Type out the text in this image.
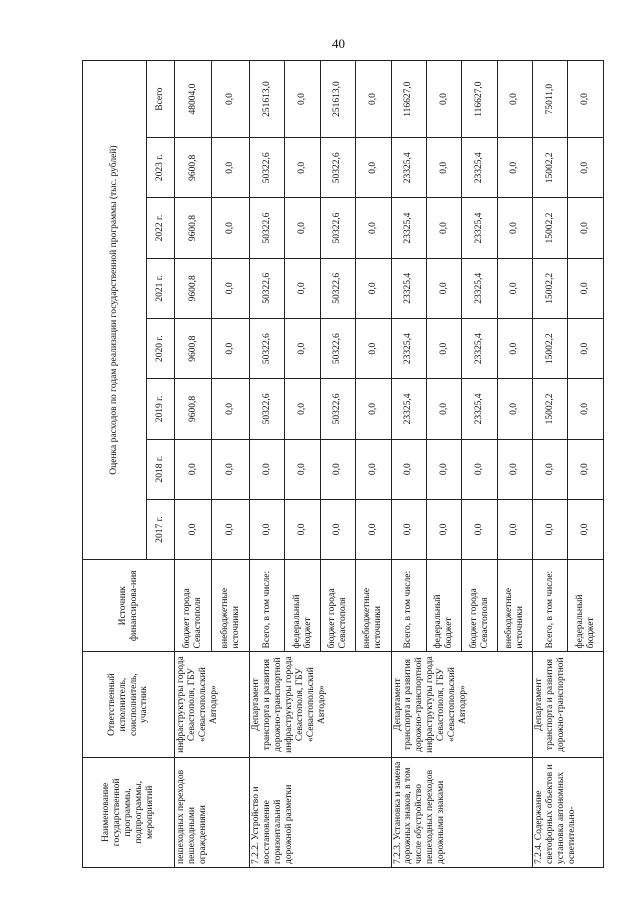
40
Наименование государственной программы, подпрограммы, мероприятий	Ответственный исполнитель, соисполнитель, участник	Источник финансирова-ния	Оценка расходов по годам реализации государственной программы (тыс. рублей)							
			2017 г.	2018 г.	2019 г.	2020 г.	2021 г.	2022 г.	2023 г.	Всего
пешеходных переходов пешеходными ограждениями	инфраструктуры города Севастополя, ГБУ «Севастопольский Автодор»	бюджет города Севастополя	0,0	0,0	9600,8	9600,8	9600,8	9600,8	9600,8	48004,0
		внебюджетные источники	0,0	0,0	0,0	0,0	0,0	0,0	0,0	0,0
7.2.2. Устройство и восстановление горизонтальной дорожной разметки	Департамент транспорта и развития дорожно-транспортной инфраструктуры города Севастополя, ГБУ «Севастопольский Автодор»	Всего, в том числе:	0,0	0,0	50322,6	50322,6	50322,6	50322,6	50322,6	251613,0
		федеральный бюджет	0,0	0,0	0,0	0,0	0,0	0,0	0,0	0,0
		бюджет города Севастополя	0,0	0,0	50322,6	50322,6	50322,6	50322,6	50322,6	251613,0
		внебюджетные источники	0,0	0,0	0,0	0,0	0,0	0,0	0,0	0,0
7.2.3. Установка и замена дорожных знаков, в том числе обустройство пешеходных переходов дорожными знаками	Департамент транспорта и развития дорожно-транспортной инфраструктуры города Севастополя, ГБУ «Севастопольский Автодор»	Всего, в том числе:	0,0	0,0	23325,4	23325,4	23325,4	23325,4	23325,4	116627,0
		федеральный бюджет	0,0	0,0	0,0	0,0	0,0	0,0	0,0	0,0
		бюджет города Севастополя	0,0	0,0	23325,4	23325,4	23325,4	23325,4	23325,4	116627,0
		внебюджетные источники	0,0	0,0	0,0	0,0	0,0	0,0	0,0	0,0
7.2.4. Содержание светофорных объектов и установка автономных осветительно-	Департамент транспорта и развития дорожно-транспортной	Всего, в том числе:	0,0	0,0	15002,2	15002,2	15002,2	15002,2	15002,2	75011,0
		федеральный бюджет	0,0	0,0	0,0	0,0	0,0	0,0	0,0	0,0
